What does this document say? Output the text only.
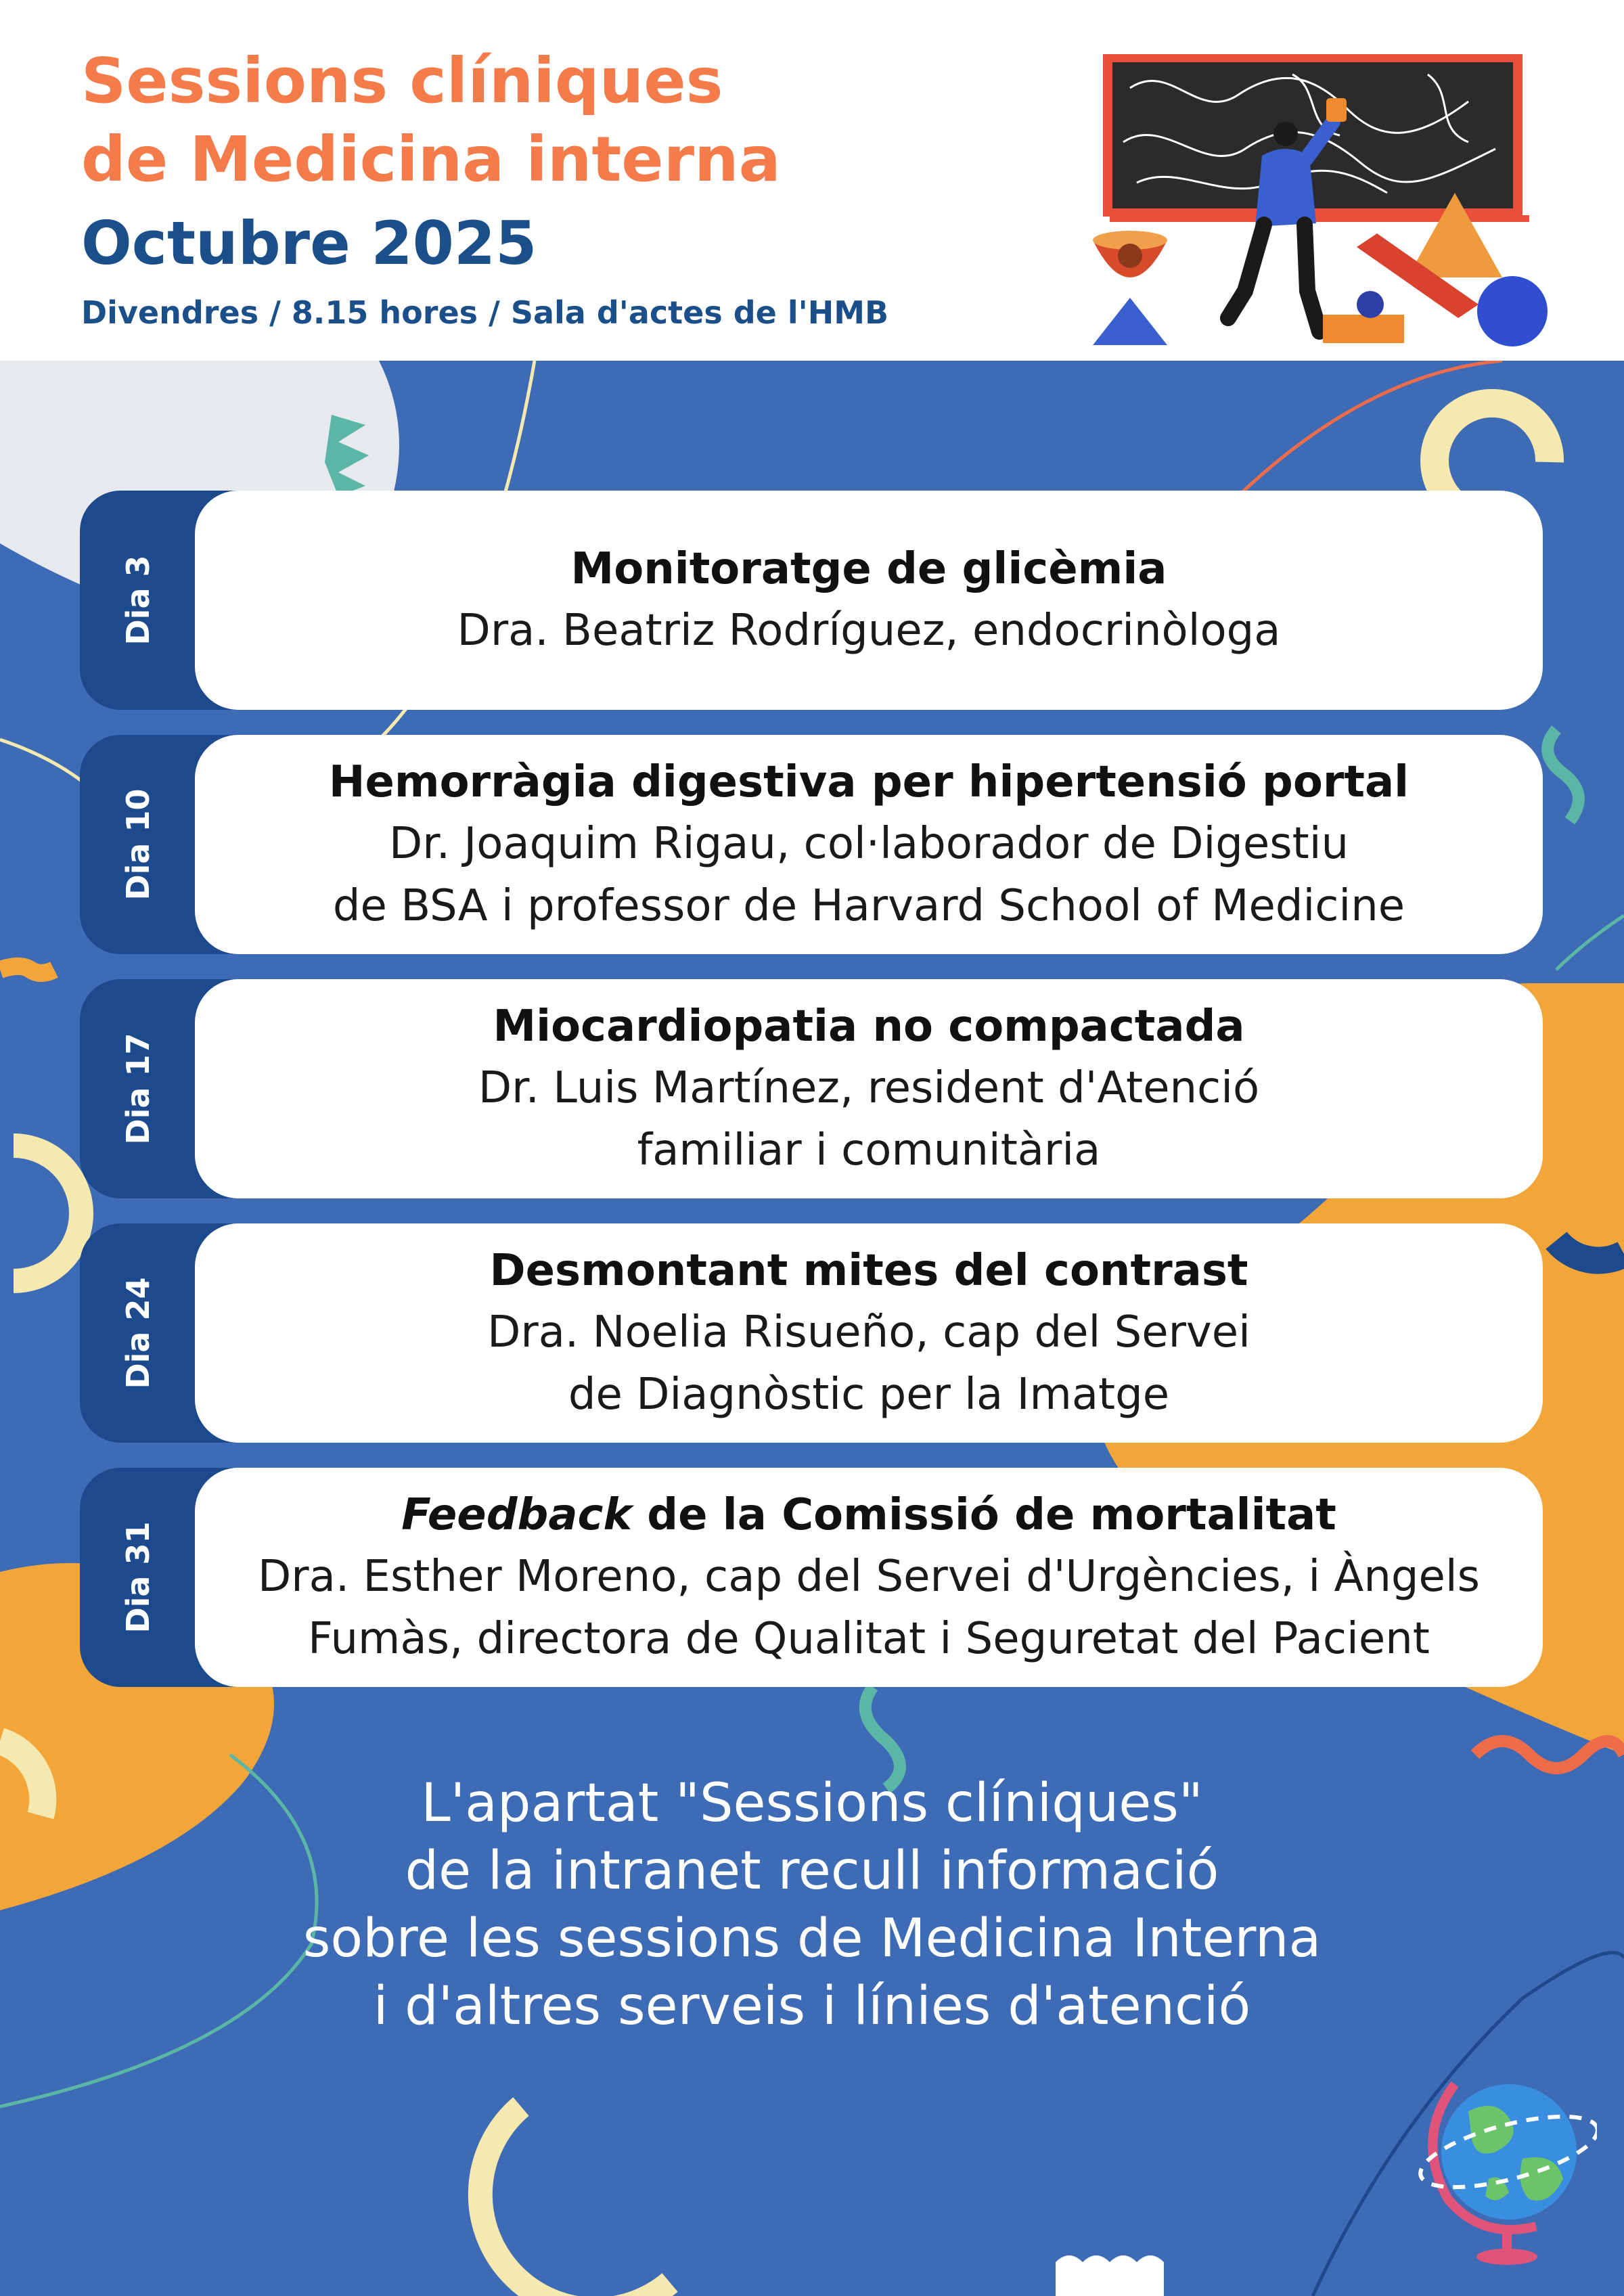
Sessions clíniques
de Medicina interna
Octubre 2025
Divendres / 8.15 hores / Sala d'actes de l'HMB
Dia 3	Monitoratge de glicèmia
Dra. Beatriz Rodríguez, endocrinòloga
Dia 10
Hemorràgia digestiva per hipertensió portal
Dr. Joaquim Rigau, col·laborador de Digestiu
de BSA i professor de Harvard School of Medicine
Dia 17
Miocardiopatia no compactada
Dr. Luis Martínez, resident d'Atenció
familiar i comunitària
Dia 24
Desmontant mites del contrast
Dra. Noelia Risueño, cap del Servei
de Diagnòstic per la Imatge
Dia 31
Feedback de la Comissió de mortalitat
Dra. Esther Moreno, cap del Servei d'Urgències, i Àngels
Fumàs, directora de Qualitat i Seguretat del Pacient
L'apartat "Sessions clíniques"
de la intranet recull informació
sobre les sessions de Medicina Interna
i d'altres serveis i línies d'atenció
